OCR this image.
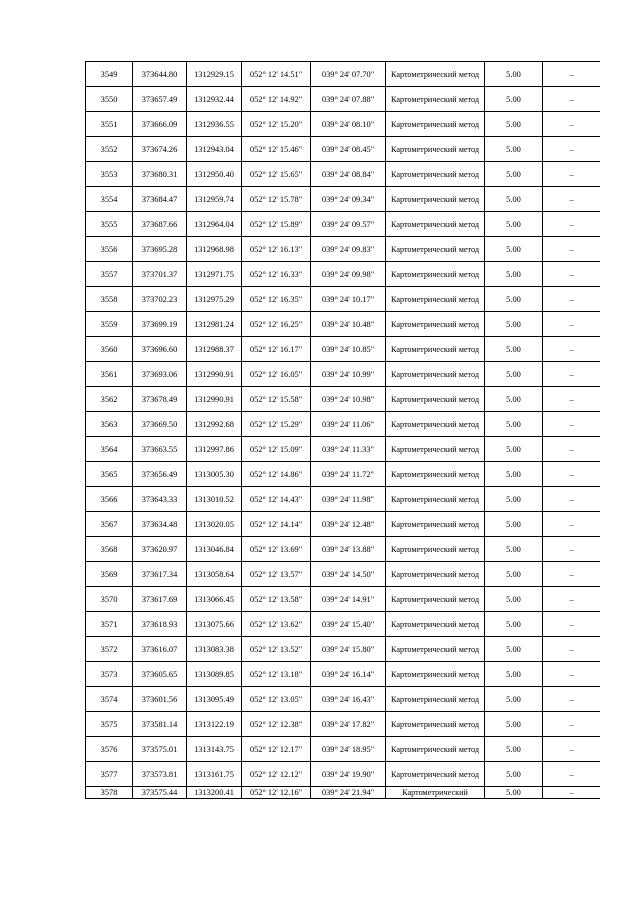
3549	373644.80	1312929.15	052° 12' 14.51"	039° 24' 07.70"	Картометрический метод	5.00	–
3550	373657.49	1312932.44	052° 12' 14.92"	039° 24' 07.88"	Картометрический метод	5.00	–
3551	373666.09	1312936.55	052° 12' 15.20"	039° 24' 08.10"	Картометрический метод	5.00	–
3552	373674.26	1312943.04	052° 12' 15.46"	039° 24' 08.45"	Картометрический метод	5.00	–
3553	373680.31	1312950.40	052° 12' 15.65"	039° 24' 08.84"	Картометрический метод	5.00	–
3554	373684.47	1312959.74	052° 12' 15.78"	039° 24' 09.34"	Картометрический метод	5.00	–
3555	373687.66	1312964.04	052° 12' 15.89"	039° 24' 09.57"	Картометрический метод	5.00	–
3556	373695.28	1312968.98	052° 12' 16.13"	039° 24' 09.83"	Картометрический метод	5.00	–
3557	373701.37	1312971.75	052° 12' 16.33"	039° 24' 09.98"	Картометрический метод	5.00	–
3558	373702.23	1312975.29	052° 12' 16.35"	039° 24' 10.17"	Картометрический метод	5.00	–
3559	373699.19	1312981.24	052° 12' 16.25"	039° 24' 10.48"	Картометрический метод	5.00	–
3560	373696.60	1312988.37	052° 12' 16.17"	039° 24' 10.85"	Картометрический метод	5.00	–
3561	373693.06	1312990.91	052° 12' 16.05"	039° 24' 10.99"	Картометрический метод	5.00	–
3562	373678.49	1312990.91	052° 12' 15.58"	039° 24' 10.98"	Картометрический метод	5.00	–
3563	373669.50	1312992.68	052° 12' 15.29"	039° 24' 11.06"	Картометрический метод	5.00	–
3564	373663.55	1312997.86	052° 12' 15.09"	039° 24' 11.33"	Картометрический метод	5.00	–
3565	373656.49	1313005.30	052° 12' 14.86"	039° 24' 11.72"	Картометрический метод	5.00	–
3566	373643.33	1313010.52	052° 12' 14.43"	039° 24' 11.98"	Картометрический метод	5.00	–
3567	373634.48	1313020.05	052° 12' 14.14"	039° 24' 12.48"	Картометрический метод	5.00	–
3568	373620.97	1313046.84	052° 12' 13.69"	039° 24' 13.88"	Картометрический метод	5.00	–
3569	373617.34	1313058.64	052° 12' 13.57"	039° 24' 14.50"	Картометрический метод	5.00	–
3570	373617.69	1313066.45	052° 12' 13.58"	039° 24' 14.91"	Картометрический метод	5.00	–
3571	373618.93	1313075.66	052° 12' 13.62"	039° 24' 15.40"	Картометрический метод	5.00	–
3572	373616.07	1313083.38	052° 12' 13.52"	039° 24' 15.80"	Картометрический метод	5.00	–
3573	373605.65	1313089.85	052° 12' 13.18"	039° 24' 16.14"	Картометрический метод	5.00	–
3574	373601.56	1313095.49	052° 12' 13.05"	039° 24' 16.43"	Картометрический метод	5.00	–
3575	373581.14	1313122.19	052° 12' 12.38"	039° 24' 17.82"	Картометрический метод	5.00	–
3576	373575.01	1313143.75	052° 12' 12.17"	039° 24' 18.95"	Картометрический метод	5.00	–
3577	373573.81	1313161.75	052° 12' 12.12"	039° 24' 19.90"	Картометрический метод	5.00	–
3578	373575.44	1313200.41	052° 12' 12.16"	039° 24' 21.94"	Картометрический	5.00	–
